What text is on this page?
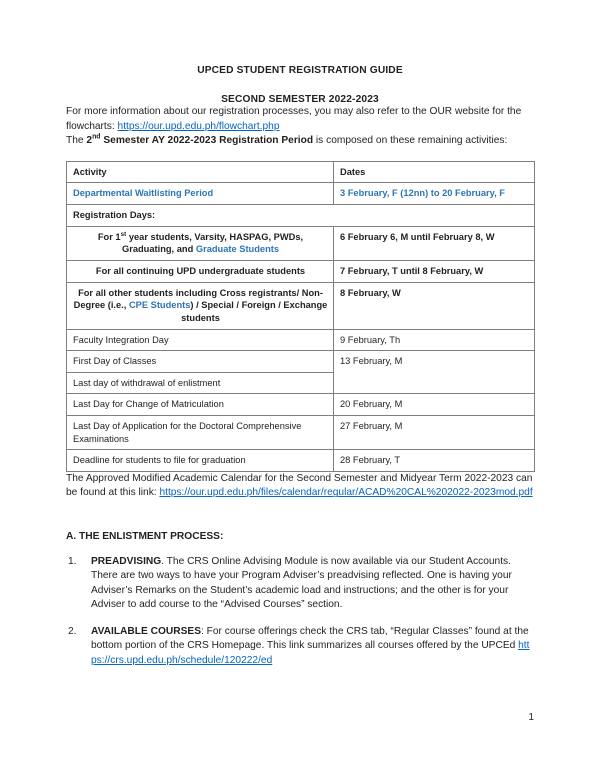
UPCED STUDENT REGISTRATION GUIDE
SECOND SEMESTER 2022-2023

For more information about our registration processes, you may also refer to the OUR website for the flowcharts: https://our.upd.edu.ph/flowchart.php

The 2nd Semester AY 2022-2023 Registration Period is composed on these remaining activities:

Activity	Dates
Departmental Waitlisting Period	3 February, F (12nn) to 20 February, F
Registration Days:	
For 1st year students, Varsity, HASPAG, PWDs, Graduating, and Graduate Students	6 February 6, M until February 8, W
For all continuing UPD undergraduate students	7 February, T until 8 February, W
For all other students including Cross registrants/ Non-Degree (i.e., CPE Students) / Special / Foreign / Exchange students	8 February, W
Faculty Integration Day	9 February, Th
First Day of Classes	13 February, M
Last day of withdrawal of enlistment	
Last Day for Change of Matriculation	20 February, M
Last Day of Application for the Doctoral Comprehensive Examinations	27 February, M
Deadline for students to file for graduation	28 February, T

The Approved Modified Academic Calendar for the Second Semester and Midyear Term 2022-2023 can be found at this link: https://our.upd.edu.ph/files/calendar/regular/ACAD%20CAL%202022-2023mod.pdf

A. THE ENLISTMENT PROCESS:
1. PREADVISING. The CRS Online Advising Module is now available via our Student Accounts. There are two ways to have your Program Adviser’s preadvising reflected. One is having your Adviser’s Remarks on the Student’s academic load and instructions; and the other is for your Adviser to add course to the “Advised Courses” section.
2. AVAILABLE COURSES: For course offerings check the CRS tab, “Regular Classes” found at the bottom portion of the CRS Homepage. This link summarizes all courses offered by the UPCEd https://crs.upd.edu.ph/schedule/120222/ed
1
